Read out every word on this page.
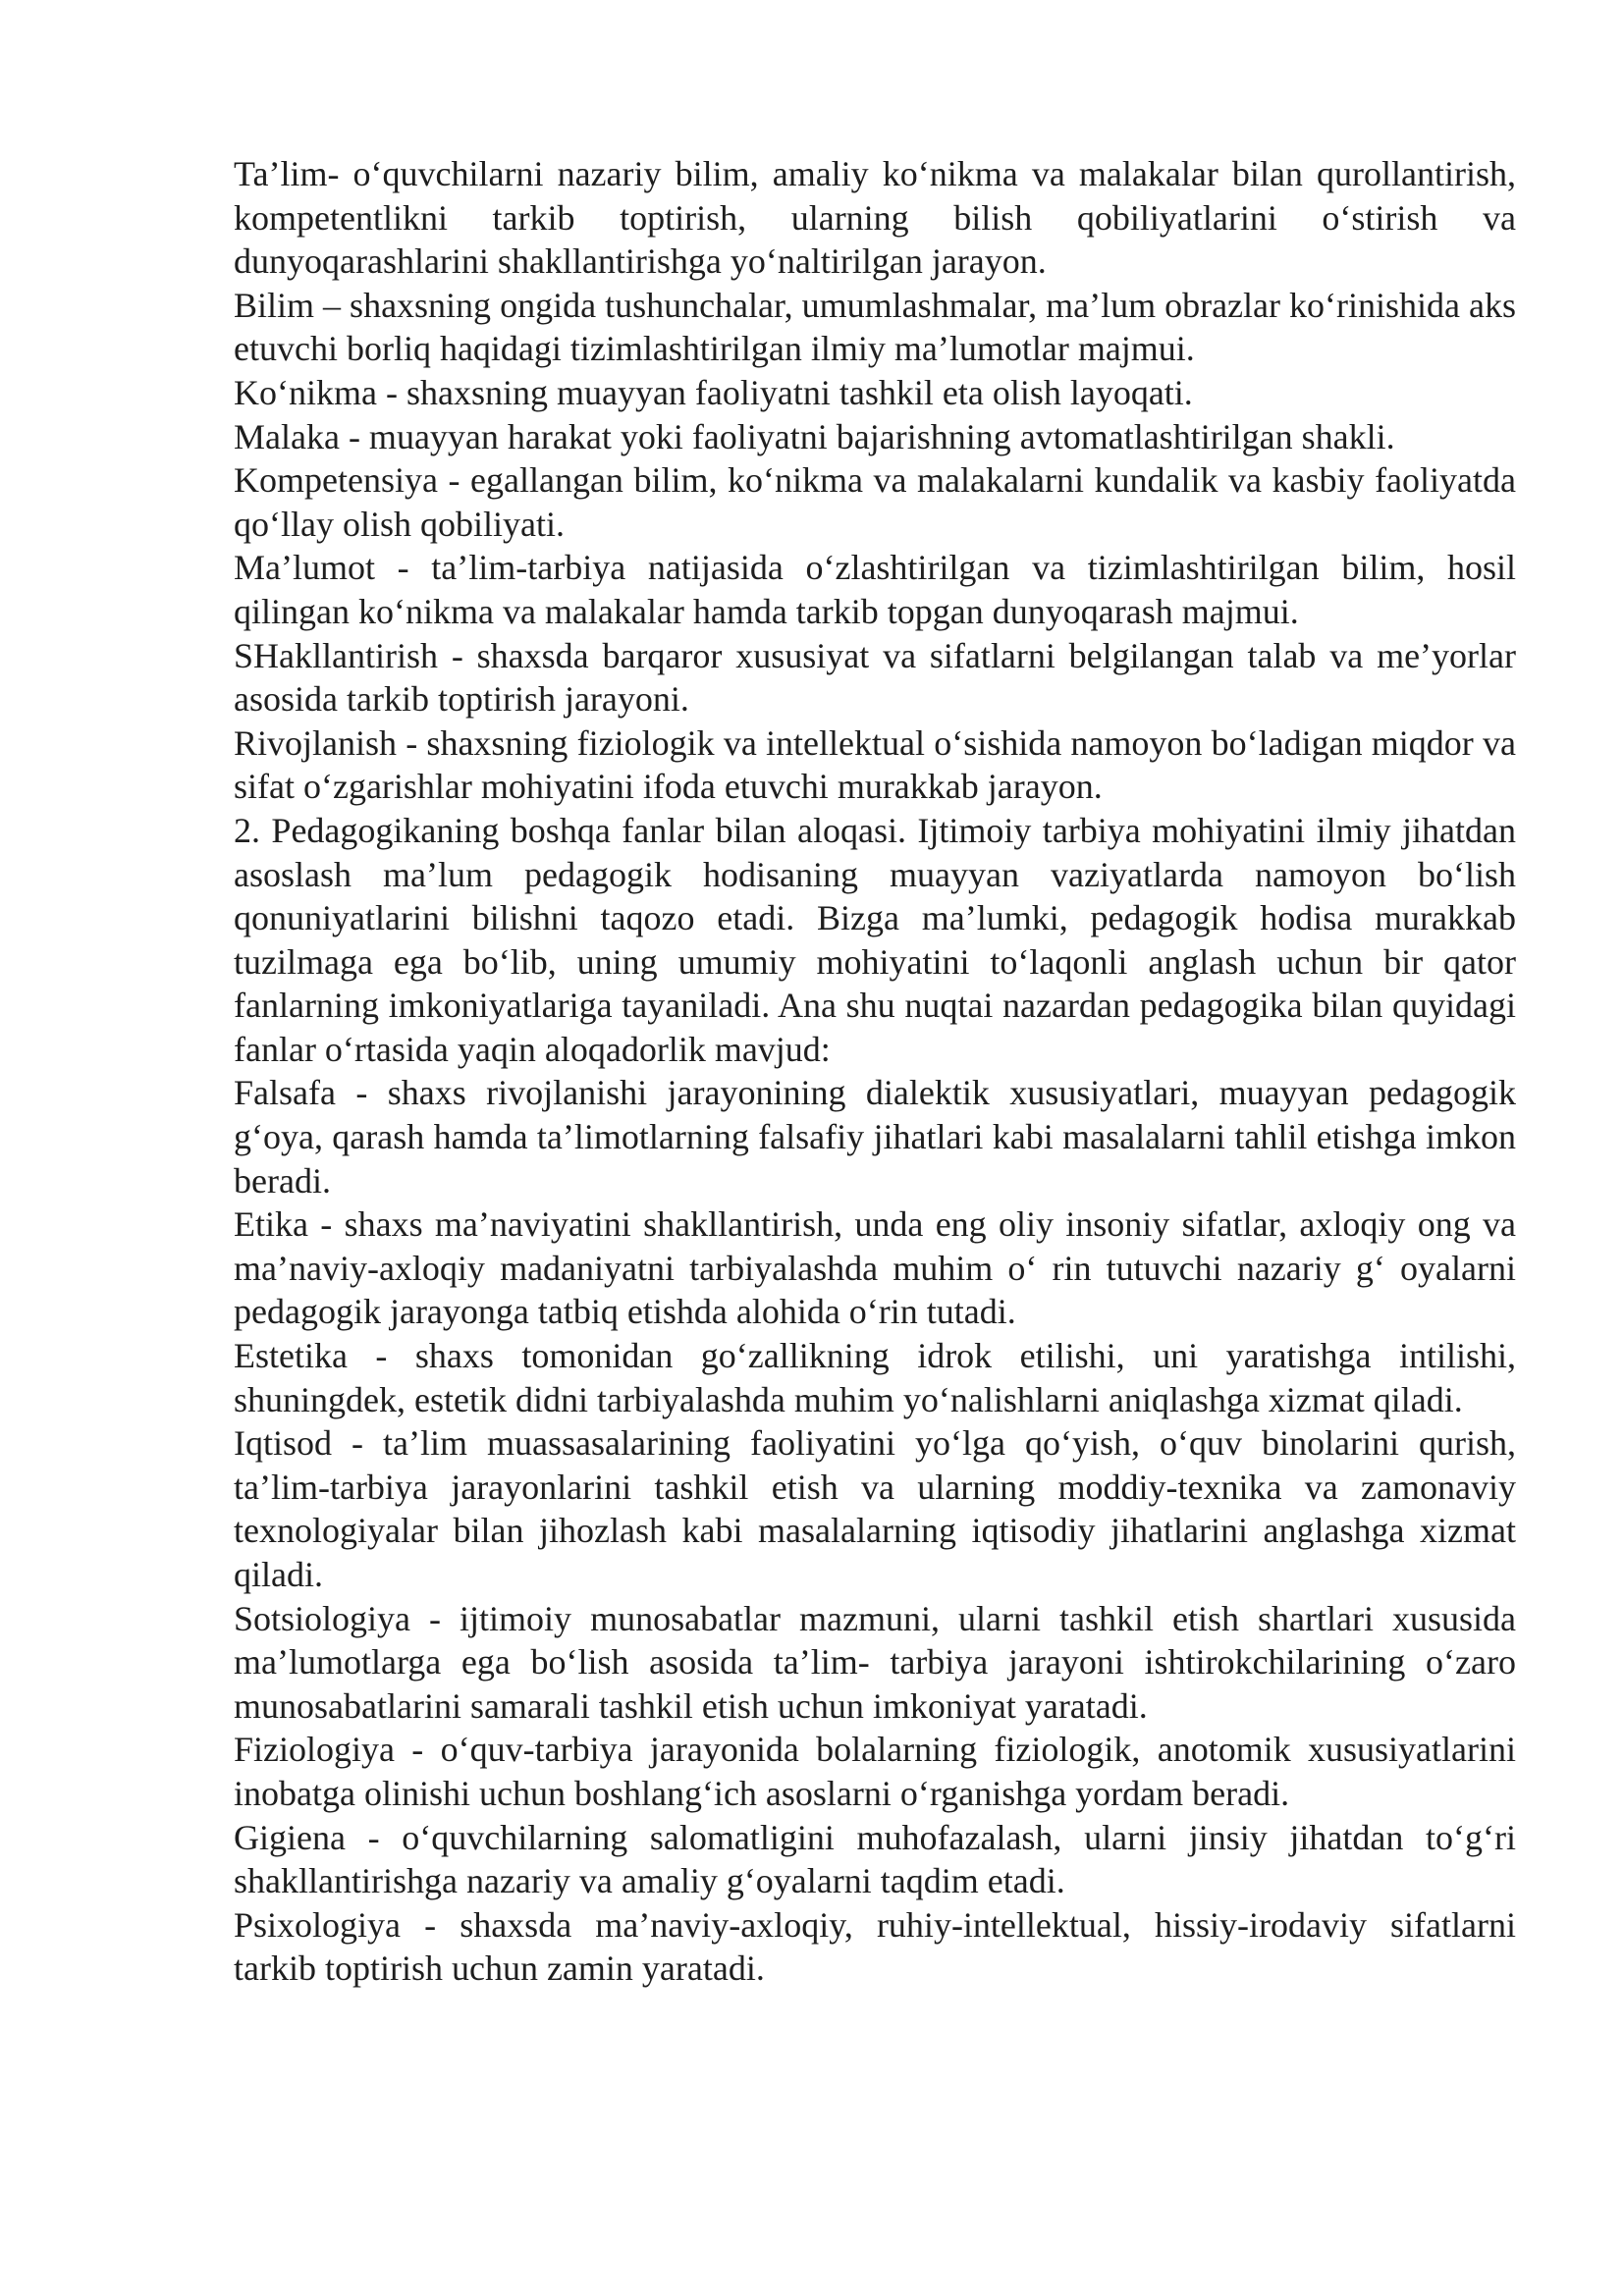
Ta’lim- o‘quvchilarni nazariy bilim, amaliy ko‘nikma va malakalar bilan qurollantirish, kompetentlikni tarkib toptirish, ularning bilish qobiliyatlarini o‘stirish va dunyoqarashlarini shakllantirishga yo‘naltirilgan jarayon.

Bilim – shaxsning ongida tushunchalar, umumlashmalar, ma’lum obrazlar ko‘rinishida aks etuvchi borliq haqidagi tizimlashtirilgan ilmiy ma’lumotlar majmui.

Ko‘nikma - shaxsning muayyan faoliyatni tashkil eta olish layoqati.

Malaka - muayyan harakat yoki faoliyatni bajarishning avtomatlashtirilgan shakli.

Kompetensiya - egallangan bilim, ko‘nikma va malakalarni kundalik va kasbiy faoliyatda qo‘llay olish qobiliyati.

Ma’lumot - ta’lim-tarbiya natijasida o‘zlashtirilgan va tizimlashtirilgan bilim, hosil qilingan ko‘nikma va malakalar hamda tarkib topgan dunyoqarash majmui.

SHakllantirish - shaxsda barqaror xususiyat va sifatlarni belgilangan talab va me’yorlar asosida tarkib toptirish jarayoni.

Rivojlanish - shaxsning fiziologik va intellektual o‘sishida namoyon bo‘ladigan miqdor va sifat o‘zgarishlar mohiyatini ifoda etuvchi murakkab jarayon.

2. Pedagogikaning boshqa fanlar bilan aloqasi. Ijtimoiy tarbiya mohiyatini ilmiy jihatdan asoslash ma’lum pedagogik hodisaning muayyan vaziyatlarda namoyon bo‘lish qonuniyatlarini bilishni taqozo etadi. Bizga ma’lumki, pedagogik hodisa murakkab tuzilmaga ega bo‘lib, uning umumiy mohiyatini to‘laqonli anglash uchun bir qator fanlarning imkoniyatlariga tayaniladi. Ana shu nuqtai nazardan pedagogika bilan quyidagi fanlar o‘rtasida yaqin aloqadorlik mavjud:

Falsafa - shaxs rivojlanishi jarayonining dialektik xususiyatlari, muayyan pedagogik g‘oya, qarash hamda ta’limotlarning falsafiy jihatlari kabi masalalarni tahlil etishga imkon beradi.

Etika - shaxs ma’naviyatini shakllantirish, unda eng oliy insoniy sifatlar, axloqiy ong va ma’naviy-axloqiy madaniyatni tarbiyalashda muhim o‘ rin tutuvchi nazariy g‘ oyalarni pedagogik jarayonga tatbiq etishda alohida o‘rin tutadi.

Estetika - shaxs tomonidan go‘zallikning idrok etilishi, uni yaratishga intilishi, shuningdek, estetik didni tarbiyalashda muhim yo‘nalishlarni aniqlashga xizmat qiladi.

Iqtisod - ta’lim muassasalarining faoliyatini yo‘lga qo‘yish, o‘quv binolarini qurish, ta’lim-tarbiya jarayonlarini tashkil etish va ularning moddiy-texnika va zamonaviy texnologiyalar bilan jihozlash kabi masalalarning iqtisodiy jihatlarini anglashga xizmat qiladi.

Sotsiologiya - ijtimoiy munosabatlar mazmuni, ularni tashkil etish shartlari xususida ma’lumotlarga ega bo‘lish asosida ta’lim- tarbiya jarayoni ishtirokchilarining o‘zaro munosabatlarini samarali tashkil etish uchun imkoniyat yaratadi.

Fiziologiya - o‘quv-tarbiya jarayonida bolalarning fiziologik, anotomik xususiyatlarini inobatga olinishi uchun boshlang‘ich asoslarni o‘rganishga yordam beradi.

Gigiena - o‘quvchilarning salomatligini muhofazalash, ularni jinsiy jihatdan to‘g‘ri shakllantirishga nazariy va amaliy g‘oyalarni taqdim etadi.

Psixologiya - shaxsda ma’naviy-axloqiy, ruhiy-intellektual, hissiy-irodaviy sifatlarni tarkib toptirish uchun zamin yaratadi.
